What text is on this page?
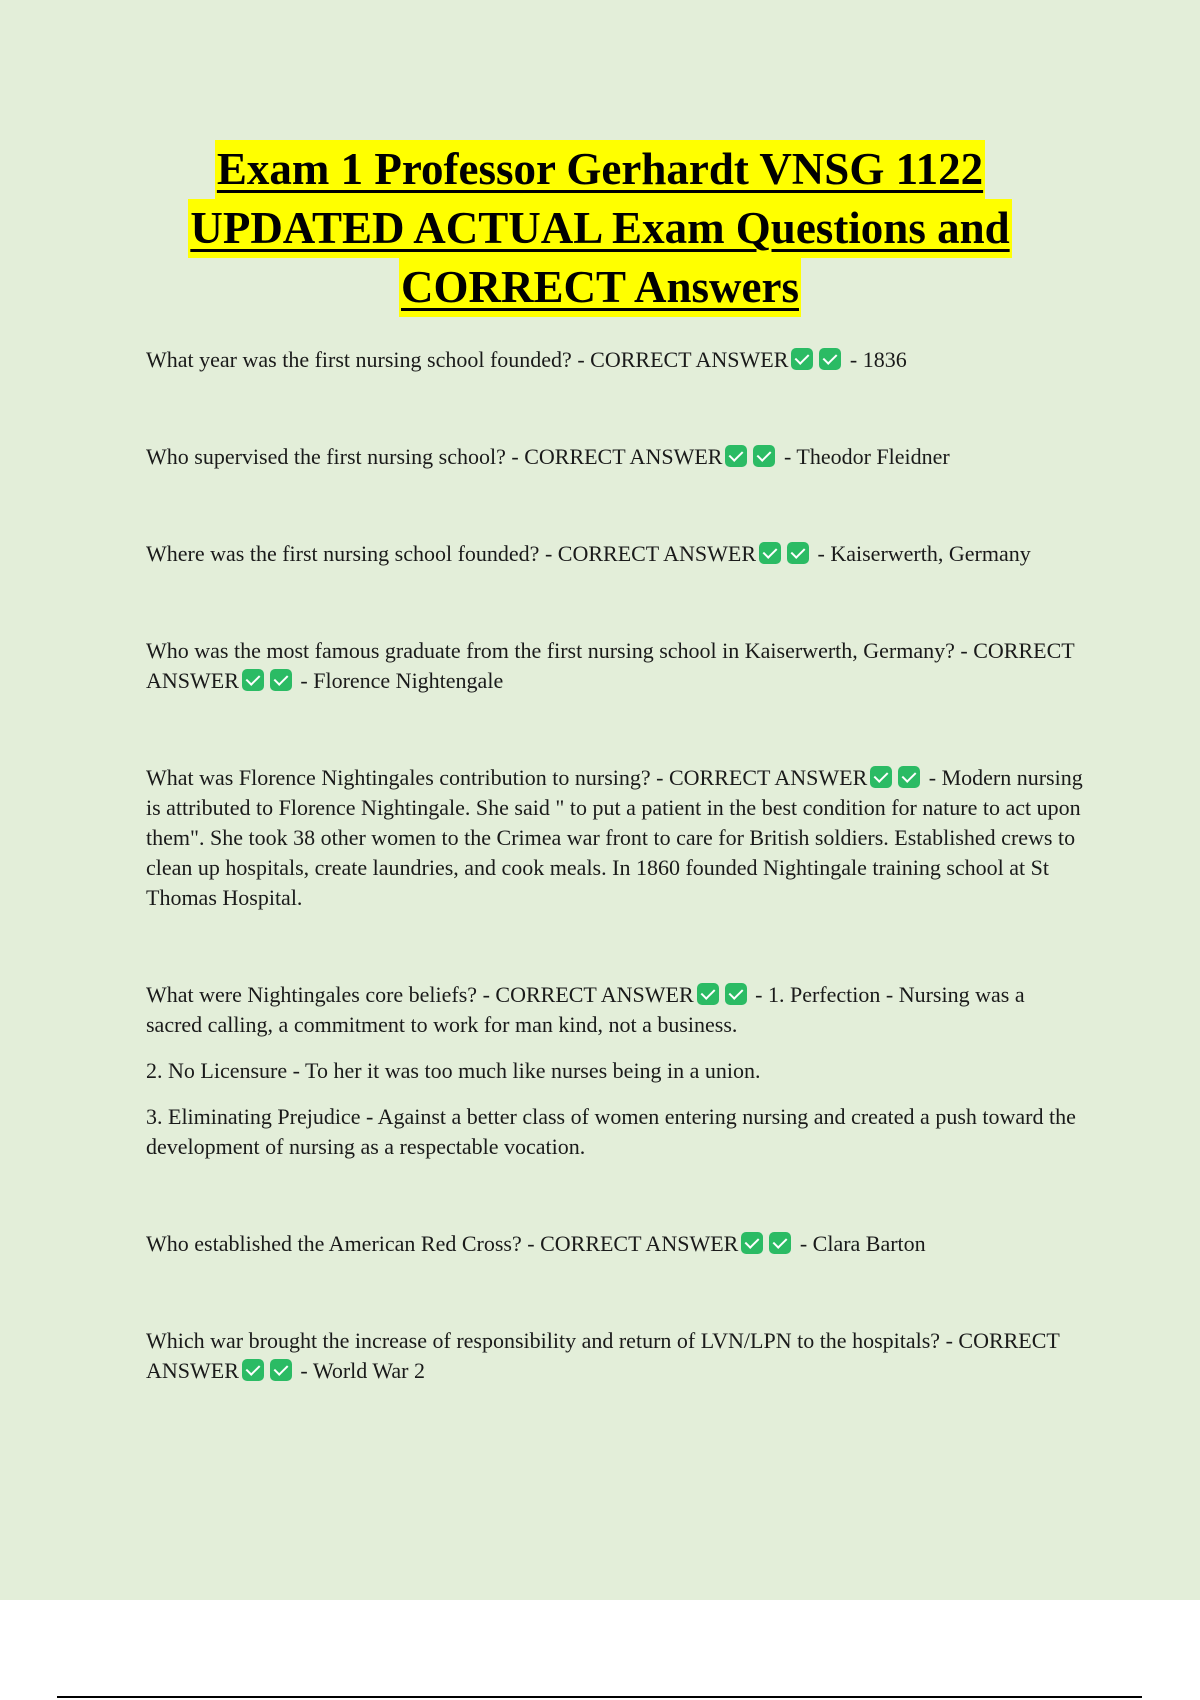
Exam 1 Professor Gerhardt VNSG 1122
UPDATED ACTUAL Exam Questions and
CORRECT Answers

What year was the first nursing school founded? - CORRECT ANSWER	- 1836

Who supervised the first nursing school? - CORRECT ANSWER	- Theodor Fleidner

Where was the first nursing school founded? - CORRECT ANSWER	- Kaiserwerth, Germany

Who was the most famous graduate from the first nursing school in Kaiserwerth, Germany? - CORRECT ANSWER	- Florence Nightengale

What was Florence Nightingales contribution to nursing? - CORRECT ANSWER	- Modern nursing is attributed to Florence Nightingale. She said " to put a patient in the best condition for nature to act upon them". She took 38 other women to the Crimea war front to care for British soldiers. Established crews to clean up hospitals, create laundries, and cook meals. In 1860 founded Nightingale training school at St Thomas Hospital.

What were Nightingales core beliefs? - CORRECT ANSWER	- 1. Perfection - Nursing was a sacred calling, a commitment to work for man kind, not a business.
2. No Licensure - To her it was too much like nurses being in a union.
3. Eliminating Prejudice - Against a better class of women entering nursing and created a push toward the development of nursing as a respectable vocation.

Who established the American Red Cross? - CORRECT ANSWER	- Clara Barton

Which war brought the increase of responsibility and return of LVN/LPN to the hospitals? - CORRECT ANSWER	- World War 2
